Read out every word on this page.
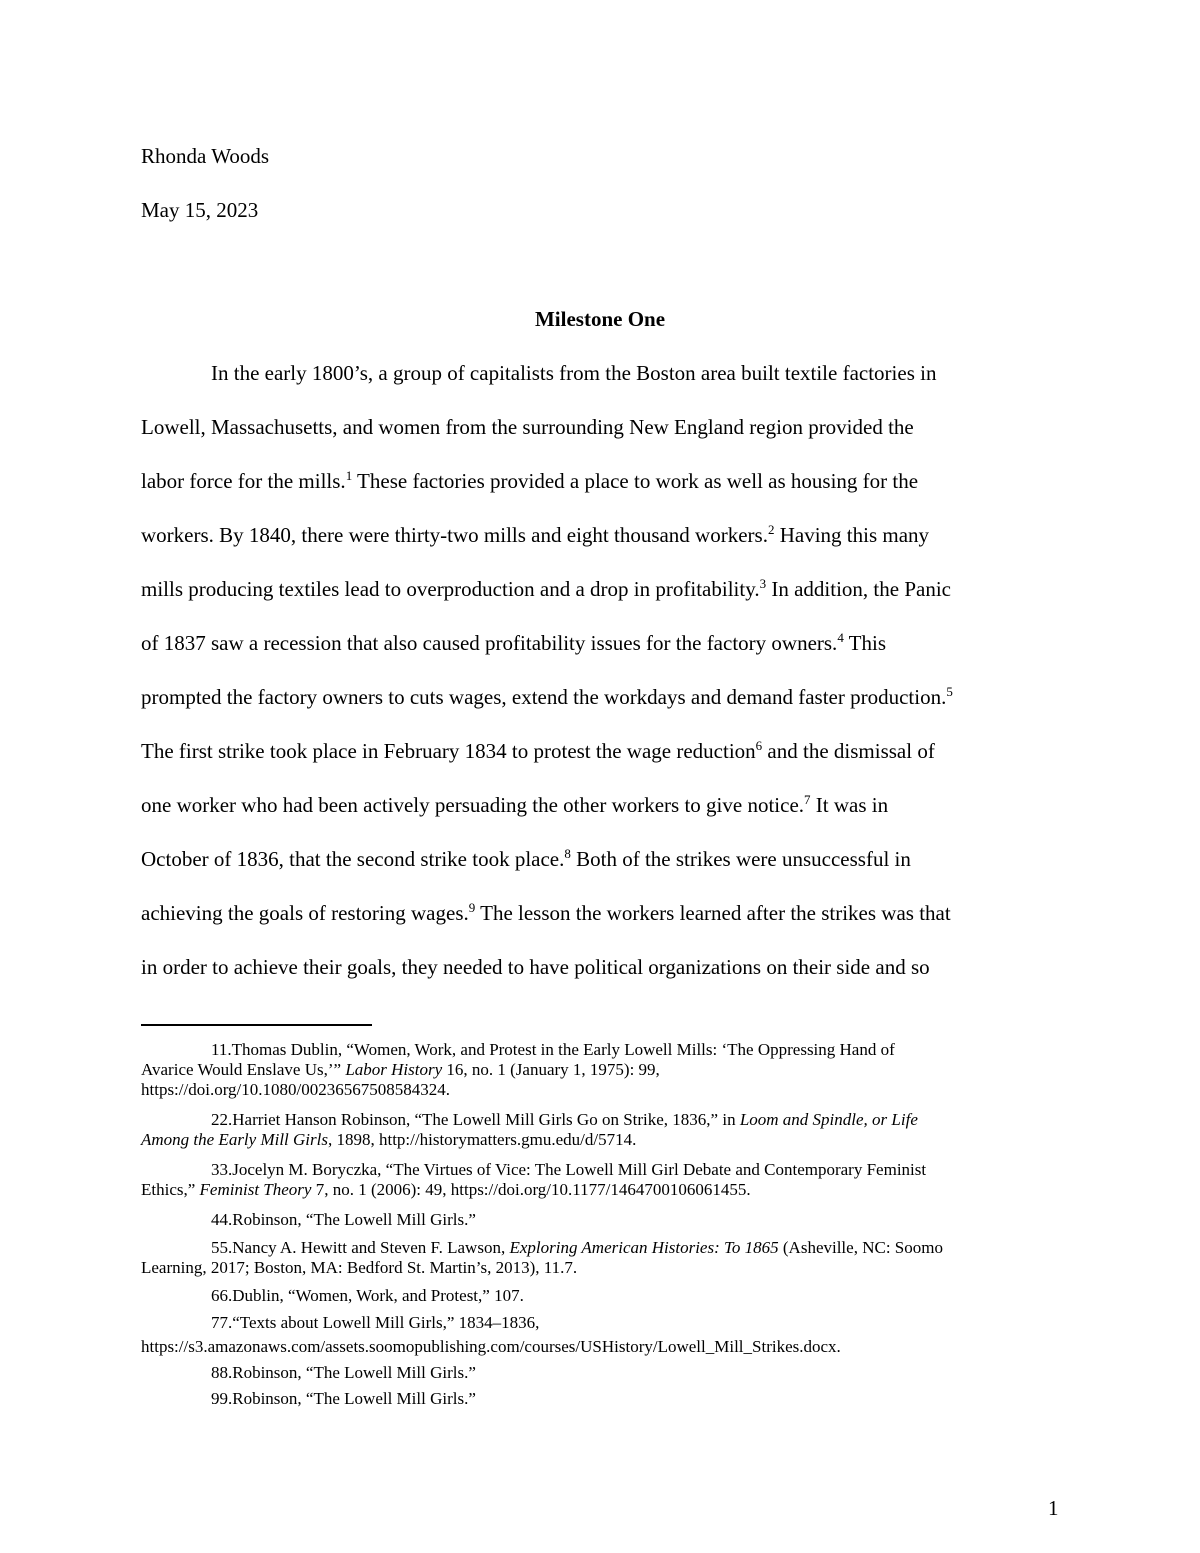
Rhonda Woods
May 15, 2023
Milestone One
In the early 1800’s, a group of capitalists from the Boston area built textile factories in
Lowell, Massachusetts, and women from the surrounding New England region provided the
labor force for the mills.$^1$ These factories provided a place to work as well as housing for the
workers. By 1840, there were thirty-two mills and eight thousand workers.$^2$ Having this many
mills producing textiles lead to overproduction and a drop in profitability.$^3$ In addition, the Panic
of 1837 saw a recession that also caused profitability issues for the factory owners.$^4$ This
prompted the factory owners to cuts wages, extend the workdays and demand faster production.$^5$
The first strike took place in February 1834 to protest the wage reduction$^6$ and the dismissal of
one worker who had been actively persuading the other workers to give notice.$^7$ It was in
October of 1836, that the second strike took place.$^8$ Both of the strikes were unsuccessful in
achieving the goals of restoring wages.$^9$ The lesson the workers learned after the strikes was that
in order to achieve their goals, they needed to have political organizations on their side and so
11.Thomas Dublin, “Women, Work, and Protest in the Early Lowell Mills: ‘The Oppressing Hand of
Avarice Would Enslave Us,’” Labor History 16, no. 1 (January 1, 1975): 99,
https://doi.org/10.1080/00236567508584324.
22.Harriet Hanson Robinson, “The Lowell Mill Girls Go on Strike, 1836,” in Loom and Spindle, or Life
Among the Early Mill Girls, 1898, http://historymatters.gmu.edu/d/5714.
33.Jocelyn M. Boryczka, “The Virtues of Vice: The Lowell Mill Girl Debate and Contemporary Feminist
Ethics,” Feminist Theory 7, no. 1 (2006): 49, https://doi.org/10.1177/1464700106061455.
44.Robinson, “The Lowell Mill Girls.”
55.Nancy A. Hewitt and Steven F. Lawson, Exploring American Histories: To 1865 (Asheville, NC: Soomo
Learning, 2017; Boston, MA: Bedford St. Martin’s, 2013), 11.7.
66.Dublin, “Women, Work, and Protest,” 107.
77.“Texts about Lowell Mill Girls,” 1834–1836,
https://s3.amazonaws.com/assets.soomopublishing.com/courses/USHistory/Lowell_Mill_Strikes.docx.
88.Robinson, “The Lowell Mill Girls.”
99.Robinson, “The Lowell Mill Girls.”
1
